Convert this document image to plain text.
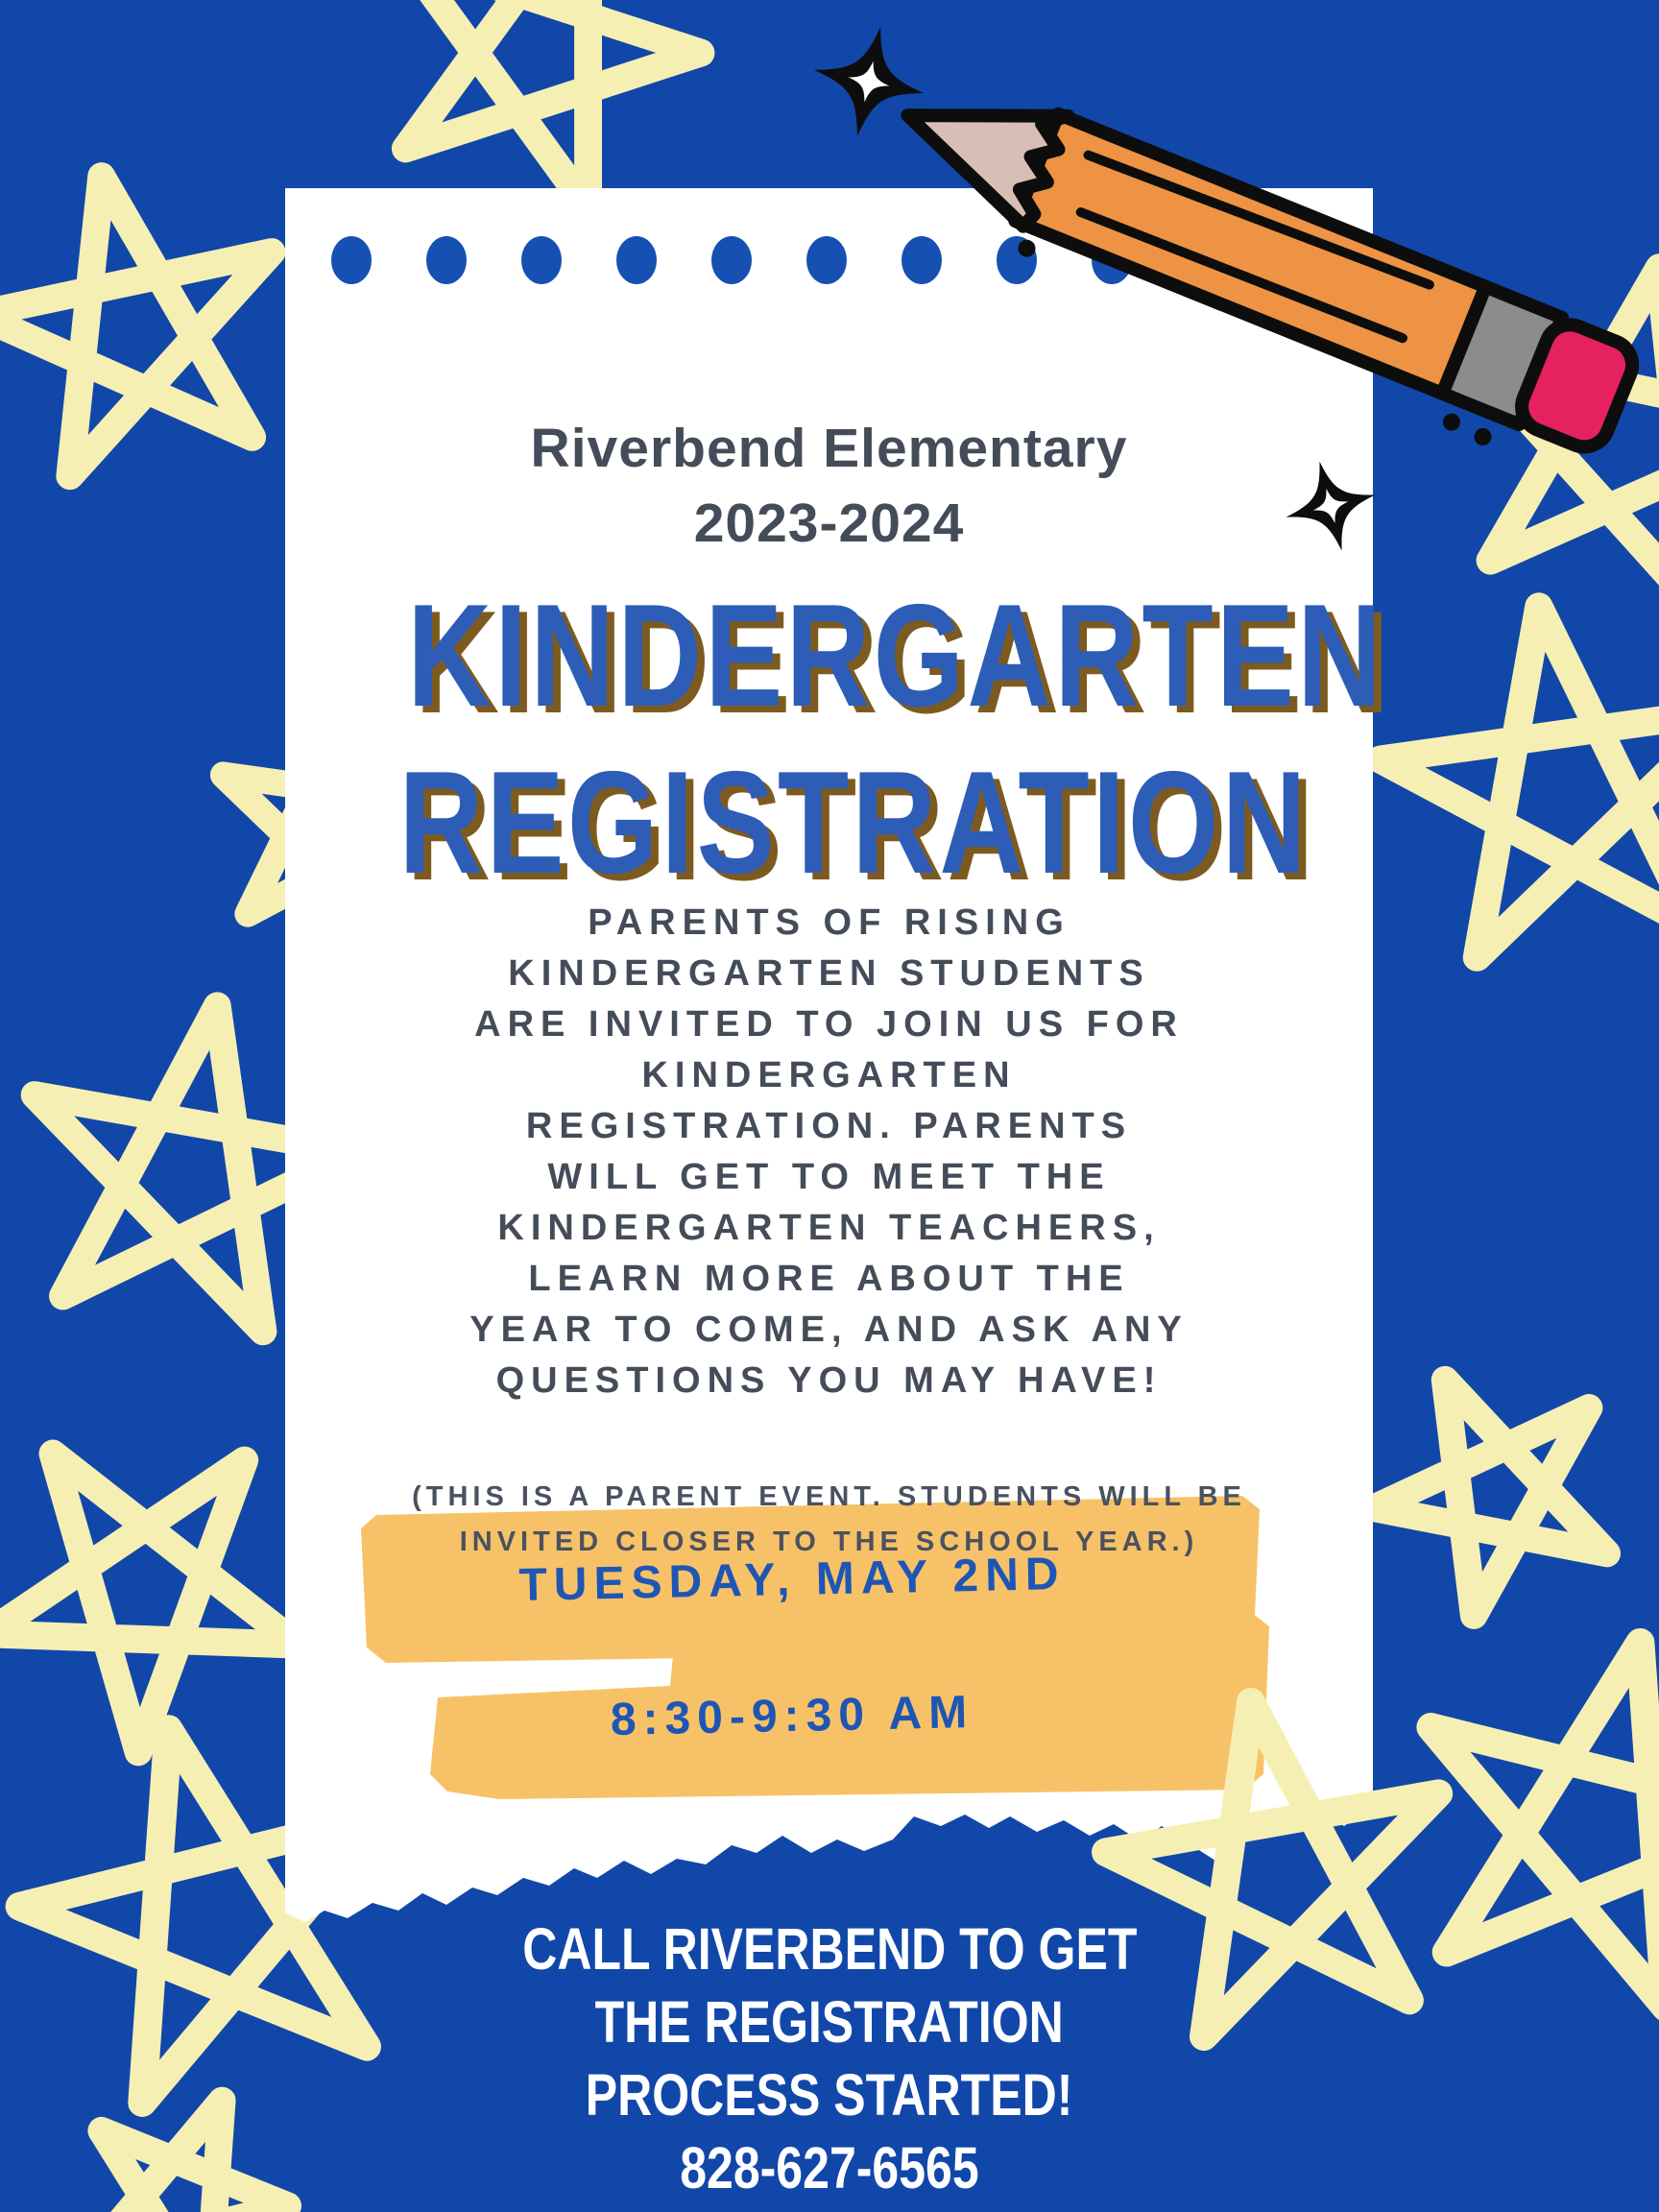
Riverbend Elementary
2023-2024
KINDERGARTEN
REGISTRATION
PARENTS OF RISING
KINDERGARTEN STUDENTS
ARE INVITED TO JOIN US FOR
KINDERGARTEN
REGISTRATION. PARENTS
WILL GET TO MEET THE
KINDERGARTEN TEACHERS,
LEARN MORE ABOUT THE
YEAR TO COME, AND ASK ANY
QUESTIONS YOU MAY HAVE!
(THIS IS A PARENT EVENT. STUDENTS WILL BE
INVITED CLOSER TO THE SCHOOL YEAR.)
TUESDAY, MAY 2ND
8:30-9:30 AM
CALL RIVERBEND TO GET
THE REGISTRATION
PROCESS STARTED!
828-627-6565
